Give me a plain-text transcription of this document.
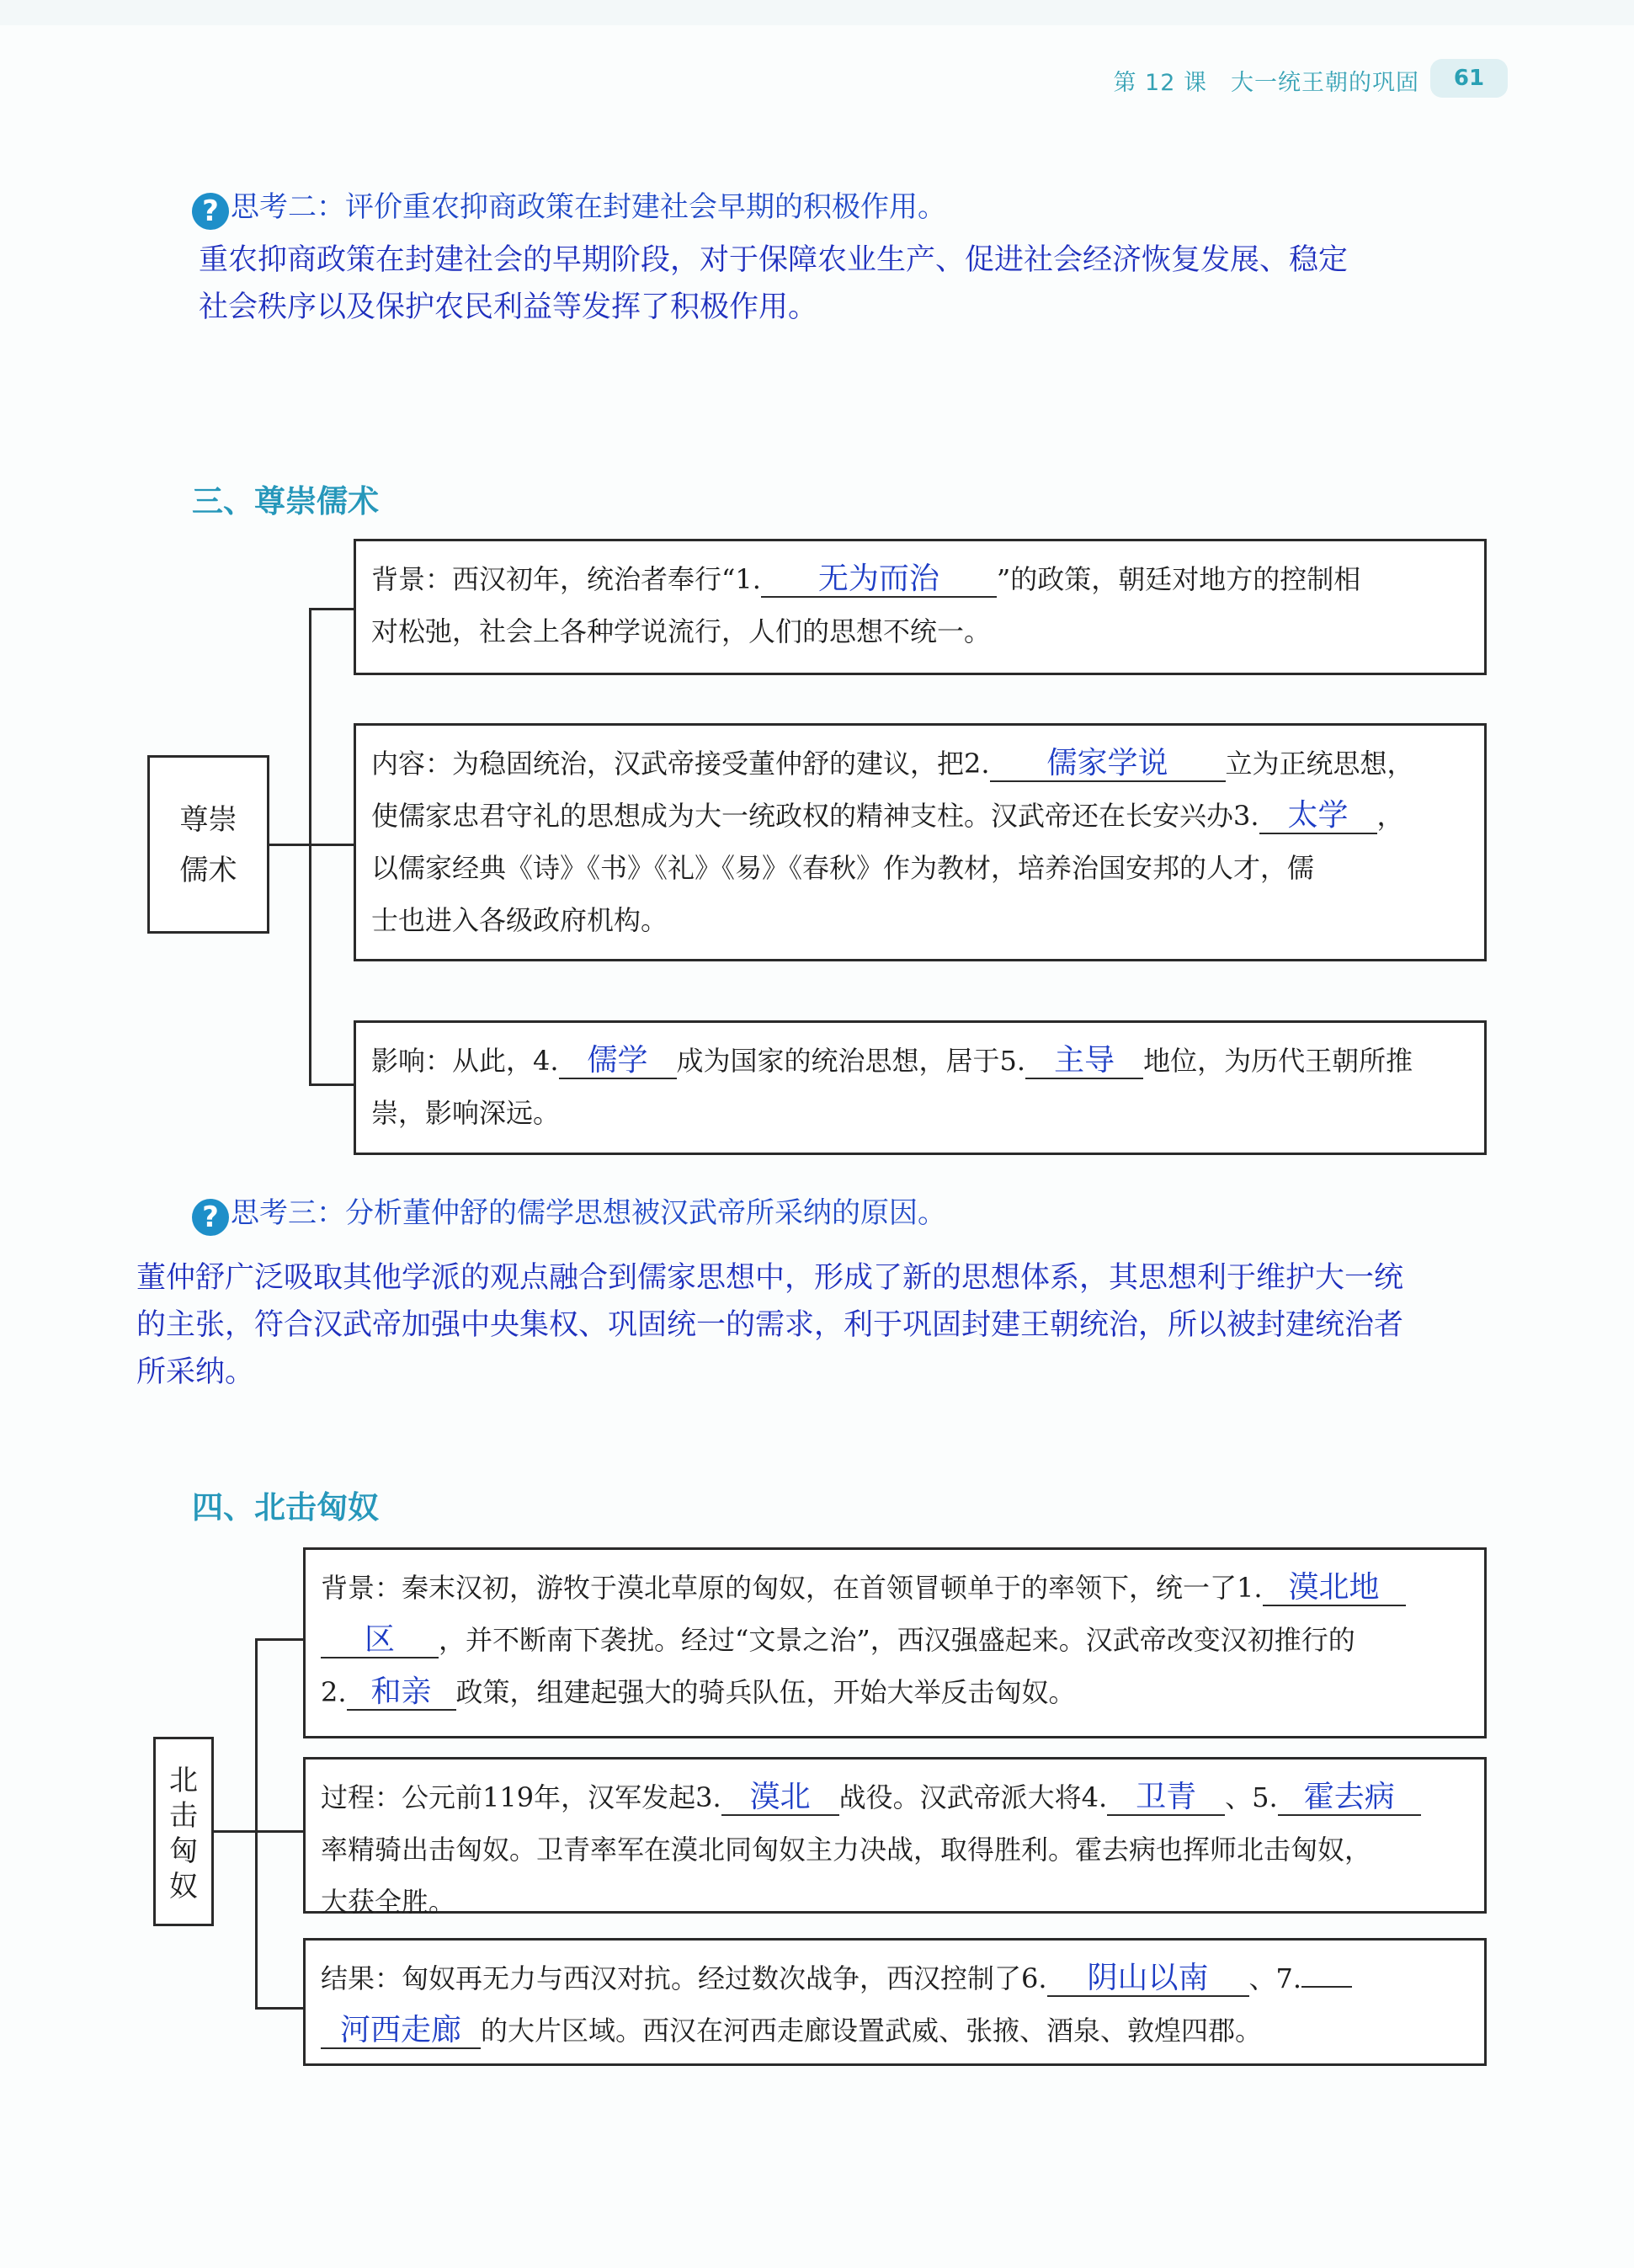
第 12 课　大一统王朝的巩固	61
? 思考二：评价重农抑商政策在封建社会早期的积极作用。
重农抑商政策在封建社会的早期阶段，对于保障农业生产、促进社会经济恢复发展、稳定
社会秩序以及保护农民利益等发挥了积极作用。
三、尊崇儒术
尊崇
儒术
背景：西汉初年，统治者奉行“1. 无为而治 ”的政策，朝廷对地方的控制相
对松弛，社会上各种学说流行，人们的思想不统一。
内容：为稳固统治，汉武帝接受董仲舒的建议，把2. 儒家学说 立为正统思想，
使儒家忠君守礼的思想成为大一统政权的精神支柱。汉武帝还在长安兴办3. 太学 ，
以儒家经典《诗》《书》《礼》《易》《春秋》作为教材，培养治国安邦的人才，儒
士也进入各级政府机构。
影响：从此，4. 儒学 成为国家的统治思想，居于5. 主导 地位，为历代王朝所推
崇，影响深远。
? 思考三：分析董仲舒的儒学思想被汉武帝所采纳的原因。
董仲舒广泛吸取其他学派的观点融合到儒家思想中，形成了新的思想体系，其思想利于维护大一统
的主张，符合汉武帝加强中央集权、巩固统一的需求，利于巩固封建王朝统治，所以被封建统治者
所采纳。
四、北击匈奴
北
击
匈
奴
背景：秦末汉初，游牧于漠北草原的匈奴，在首领冒顿单于的率领下，统一了1. 漠北地
区 ，并不断南下袭扰。经过“文景之治”，西汉强盛起来。汉武帝改变汉初推行的
2. 和亲 政策，组建起强大的骑兵队伍，开始大举反击匈奴。
过程：公元前119年，汉军发起3. 漠北 战役。汉武帝派大将4. 卫青 、5. 霍去病
率精骑出击匈奴。卫青率军在漠北同匈奴主力决战，取得胜利。霍去病也挥师北击匈奴，
大获全胜。
结果：匈奴再无力与西汉对抗。经过数次战争，西汉控制了6. 阴山以南 、7.
河西走廊 的大片区域。西汉在河西走廊设置武威、张掖、酒泉、敦煌四郡。
